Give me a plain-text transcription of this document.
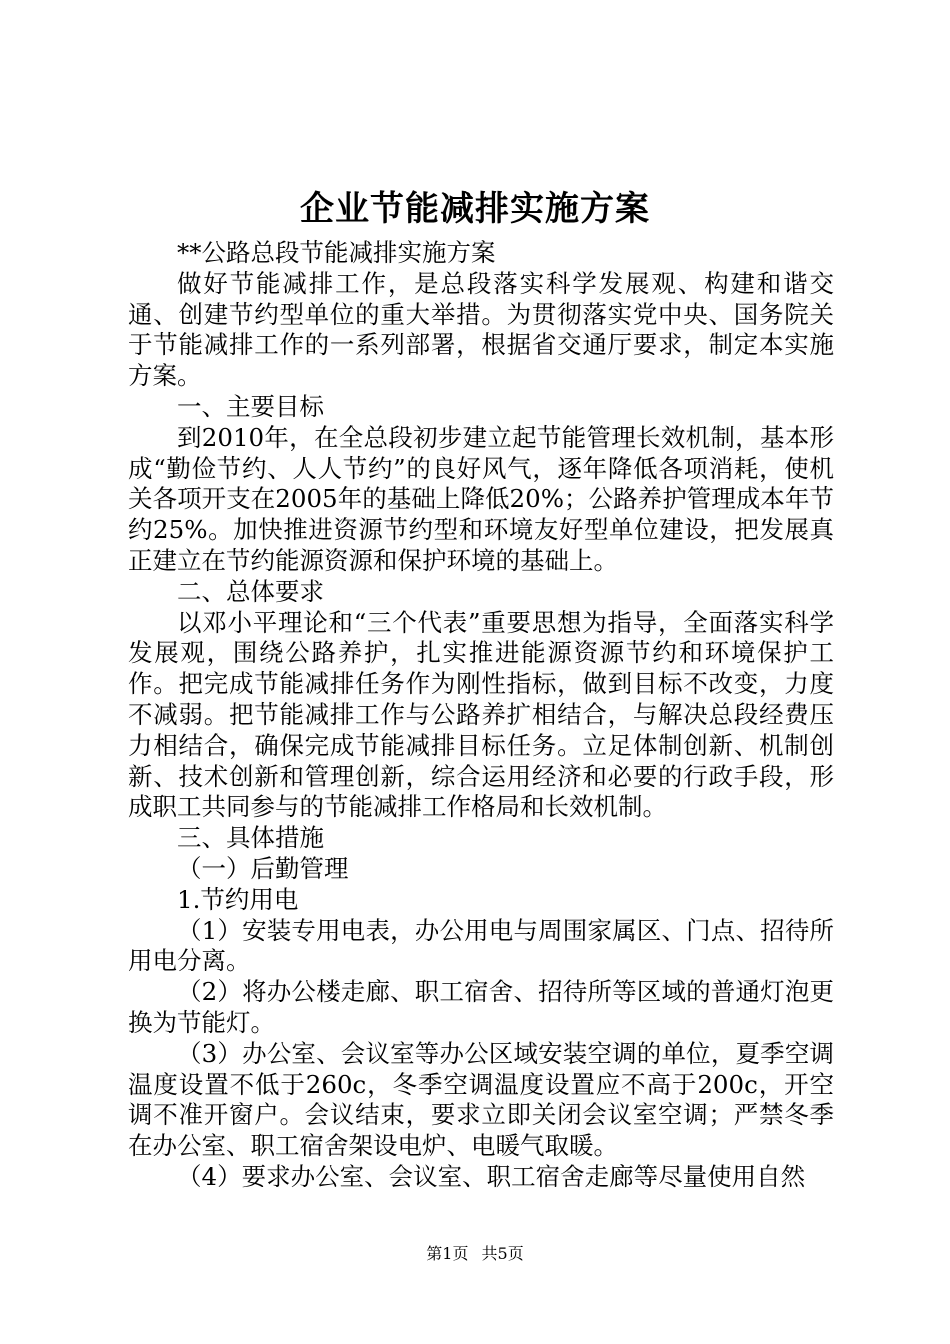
企业节能减排实施方案

**公路总段节能减排实施方案

做好节能减排工作，是总段落实科学发展观、构建和谐交通、创建节约型单位的重大举措。为贯彻落实党中央、国务院关于节能减排工作的一系列部署，根据省交通厅要求，制定本实施方案。

一、主要目标

到2010年，在全总段初步建立起节能管理长效机制，基本形成“勤俭节约、人人节约”的良好风气，逐年降低各项消耗，使机关各项开支在2005年的基础上降低20%；公路养护管理成本年节约25%。加快推进资源节约型和环境友好型单位建设，把发展真正建立在节约能源资源和保护环境的基础上。

二、总体要求

以邓小平理论和“三个代表”重要思想为指导，全面落实科学发展观，围绕公路养护，扎实推进能源资源节约和环境保护工作。把完成节能减排任务作为刚性指标，做到目标不改变，力度不减弱。把节能减排工作与公路养扩相结合，与解决总段经费压力相结合，确保完成节能减排目标任务。立足体制创新、机制创新、技术创新和管理创新，综合运用经济和必要的行政手段，形成职工共同参与的节能减排工作格局和长效机制。

三、具体措施

（一）后勤管理

1.节约用电

（1）安装专用电表，办公用电与周围家属区、门点、招待所用电分离。

（2）将办公楼走廊、职工宿舍、招待所等区域的普通灯泡更换为节能灯。

（3）办公室、会议室等办公区域安装空调的单位，夏季空调温度设置不低于260c，冬季空调温度设置应不高于200c，开空调不准开窗户。会议结束，要求立即关闭会议室空调；严禁冬季在办公室、职工宿舍架设电炉、电暖气取暖。

（4）要求办公室、会议室、职工宿舍走廊等尽量使用自然

第1页 共5页
